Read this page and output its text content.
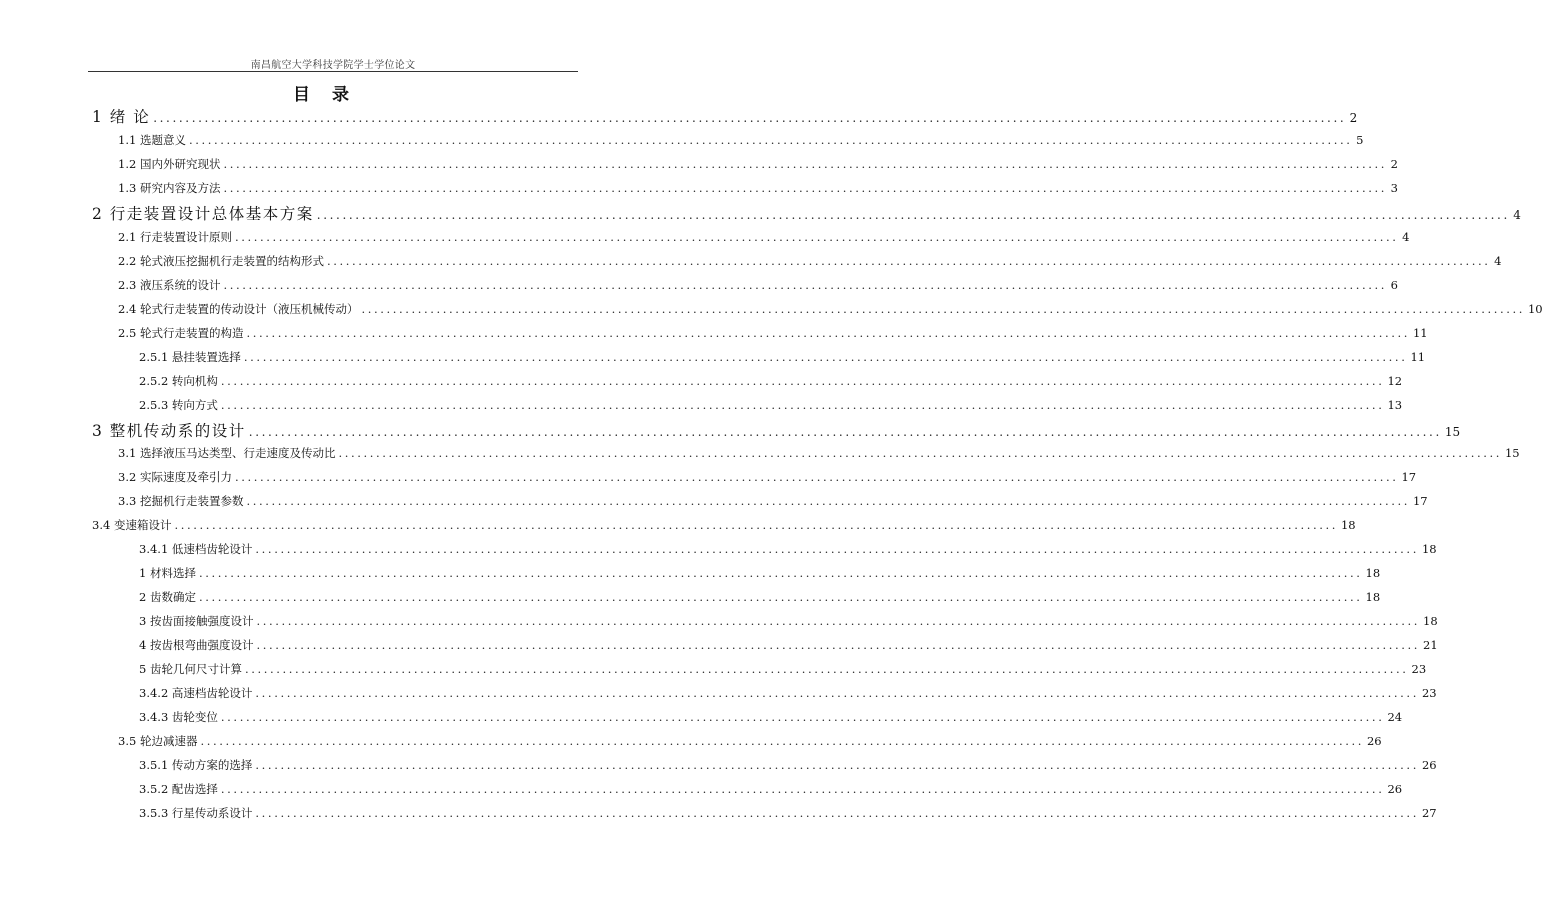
南昌航空大学科技学院学士学位论文
目 录
1 绪 论 .......................................................................................................................................................................................... 2
1.1 选题意义 .......................................................................................................................................................................................... 5
1.2 国内外研究现状 .......................................................................................................................................................................................... 2
1.3 研究内容及方法 .......................................................................................................................................................................................... 3
2 行走装置设计总体基本方案 .......................................................................................................................................................................................... 4
2.1 行走装置设计原则 .......................................................................................................................................................................................... 4
2.2 轮式液压挖掘机行走装置的结构形式 .......................................................................................................................................................................................... 4
2.3 液压系统的设计 .......................................................................................................................................................................................... 6
2.4 轮式行走装置的传动设计（液压机械传动） .......................................................................................................................................................................................... 10
2.5 轮式行走装置的构造 .......................................................................................................................................................................................... 11
2.5.1 悬挂装置选择 .......................................................................................................................................................................................... 11
2.5.2 转向机构 .......................................................................................................................................................................................... 12
2.5.3 转向方式 .......................................................................................................................................................................................... 13
3 整机传动系的设计 .......................................................................................................................................................................................... 15
3.1 选择液压马达类型、行走速度及传动比 .......................................................................................................................................................................................... 15
3.2 实际速度及牵引力 .......................................................................................................................................................................................... 17
3.3 挖掘机行走装置参数 .......................................................................................................................................................................................... 17
3.4 变速箱设计 .......................................................................................................................................................................................... 18
3.4.1 低速档齿轮设计 .......................................................................................................................................................................................... 18
1 材料选择 .......................................................................................................................................................................................... 18
2 齿数确定 .......................................................................................................................................................................................... 18
3 按齿面接触强度设计 .......................................................................................................................................................................................... 18
4 按齿根弯曲强度设计 .......................................................................................................................................................................................... 21
5 齿轮几何尺寸计算 .......................................................................................................................................................................................... 23
3.4.2 高速档齿轮设计 .......................................................................................................................................................................................... 23
3.4.3 齿轮变位 .......................................................................................................................................................................................... 24
3.5 轮边减速器 .......................................................................................................................................................................................... 26
3.5.1 传动方案的选择 .......................................................................................................................................................................................... 26
3.5.2 配齿选择 .......................................................................................................................................................................................... 26
3.5.3 行星传动系设计 .......................................................................................................................................................................................... 27
